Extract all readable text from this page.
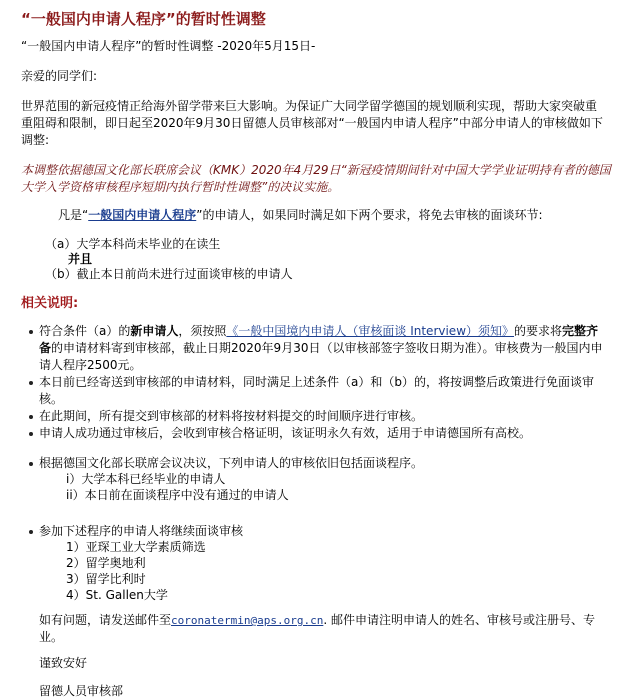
“一般国内申请人程序”的暂时性调整
“一般国内申请人程序”的暂时性调整 -2020年5月15日-
亲爱的同学们:
世界范围的新冠疫情正给海外留学带来巨大影响。为保证广大同学留学德国的规划顺利实现，帮助大家突破重
重阻碍和限制，即日起至2020年9月30日留德人员审核部对“一般国内申请人程序”中部分申请人的审核做如下
调整:
本调整依据德国文化部长联席会议（KMK）2020年4月29日“新冠疫情期间针对中国大学学业证明持有者的德国
大学入学资格审核程序短期内执行暂时性调整”的决议实施。
凡是“一般国内申请人程序”的申请人，如果同时满足如下两个要求，将免去审核的面谈环节:
（a）大学本科尚未毕业的在读生
并且
（b）截止本日前尚未进行过面谈审核的申请人
相关说明:
符合条件（a）的新申请人，须按照《一般中国境内申请人（审核面谈 Interview）须知》的要求将完整齐
备的申请材料寄到审核部，截止日期2020年9月30日（以审核部签字签收日期为准）。审核费为一般国内申
请人程序2500元。
本日前已经寄送到审核部的申请材料，同时满足上述条件（a）和（b）的，将按调整后政策进行免面谈审
核。
在此期间，所有提交到审核部的材料将按材料提交的时间顺序进行审核。
申请人成功通过审核后，会收到审核合格证明，该证明永久有效，适用于申请德国所有高校。
根据德国文化部长联席会议决议，下列申请人的审核依旧包括面谈程序。
i）大学本科已经毕业的申请人
ii）本日前在面谈程序中没有通过的申请人
参加下述程序的申请人将继续面谈审核
1）亚琛工业大学素质筛选
2）留学奥地利
3）留学比利时
4）St. Gallen大学
如有问题，请发送邮件至coronatermin@aps.org.cn. 邮件申请注明申请人的姓名、审核号或注册号、专
业。
谨致安好
留德人员审核部
